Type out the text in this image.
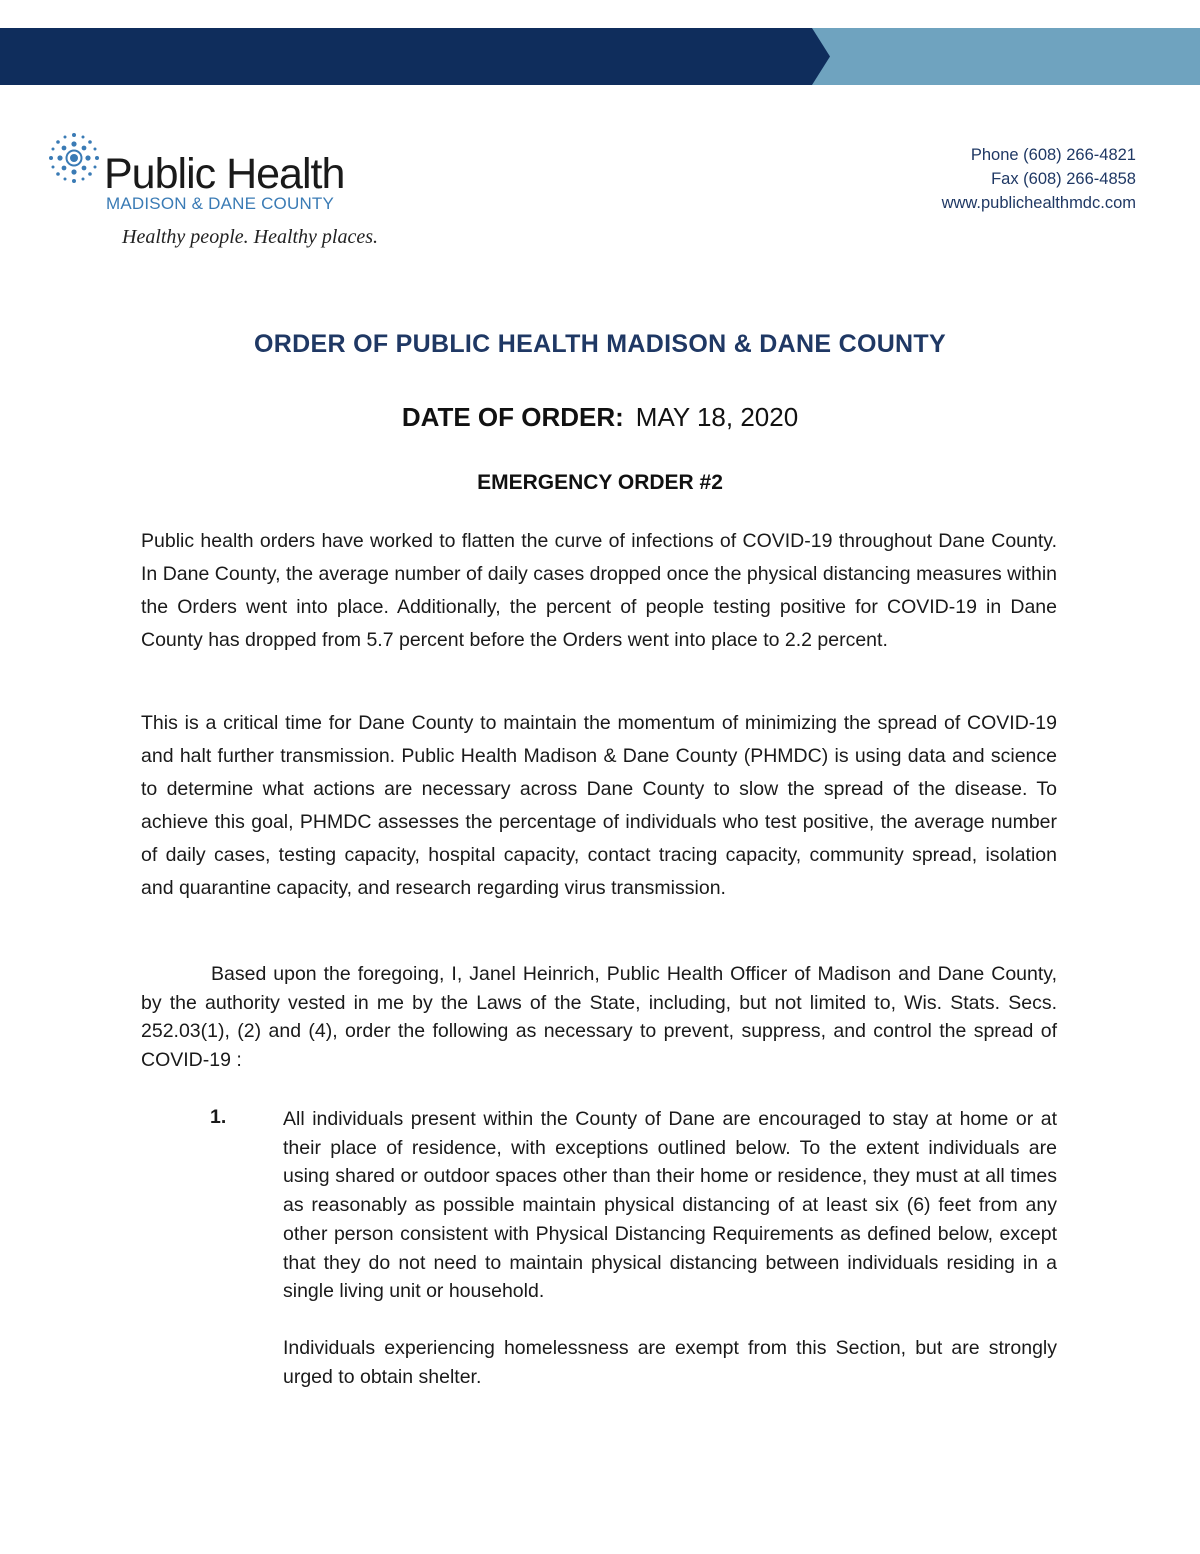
Public Health
MADISON & DANE COUNTY
Healthy people. Healthy places.
Phone (608) 266-4821
Fax (608) 266-4858
www.publichealthmdc.com
ORDER OF PUBLIC HEALTH MADISON & DANE COUNTY
DATE OF ORDER: MAY 18, 2020
EMERGENCY ORDER #2
Public health orders have worked to flatten the curve of infections of COVID-19 throughout Dane County. In Dane County, the average number of daily cases dropped once the physical distancing measures within the Orders went into place. Additionally, the percent of people testing positive for COVID-19 in Dane County has dropped from 5.7 percent before the Orders went into place to 2.2 percent.
This is a critical time for Dane County to maintain the momentum of minimizing the spread of COVID-19 and halt further transmission. Public Health Madison & Dane County (PHMDC) is using data and science to determine what actions are necessary across Dane County to slow the spread of the disease. To achieve this goal, PHMDC assesses the percentage of individuals who test positive, the average number of daily cases, testing capacity, hospital capacity, contact tracing capacity, community spread, isolation and quarantine capacity, and research regarding virus transmission.
Based upon the foregoing, I, Janel Heinrich, Public Health Officer of Madison and Dane County, by the authority vested in me by the Laws of the State, including, but not limited to, Wis. Stats. Secs. 252.03(1), (2) and (4), order the following as necessary to prevent, suppress, and control the spread of COVID-19 :
1.	All individuals present within the County of Dane are encouraged to stay at home or at their place of residence, with exceptions outlined below. To the extent individuals are using shared or outdoor spaces other than their home or residence, they must at all times as reasonably as possible maintain physical distancing of at least six (6) feet from any other person consistent with Physical Distancing Requirements as defined below, except that they do not need to maintain physical distancing between individuals residing in a single living unit or household.
Individuals experiencing homelessness are exempt from this Section, but are strongly urged to obtain shelter.
